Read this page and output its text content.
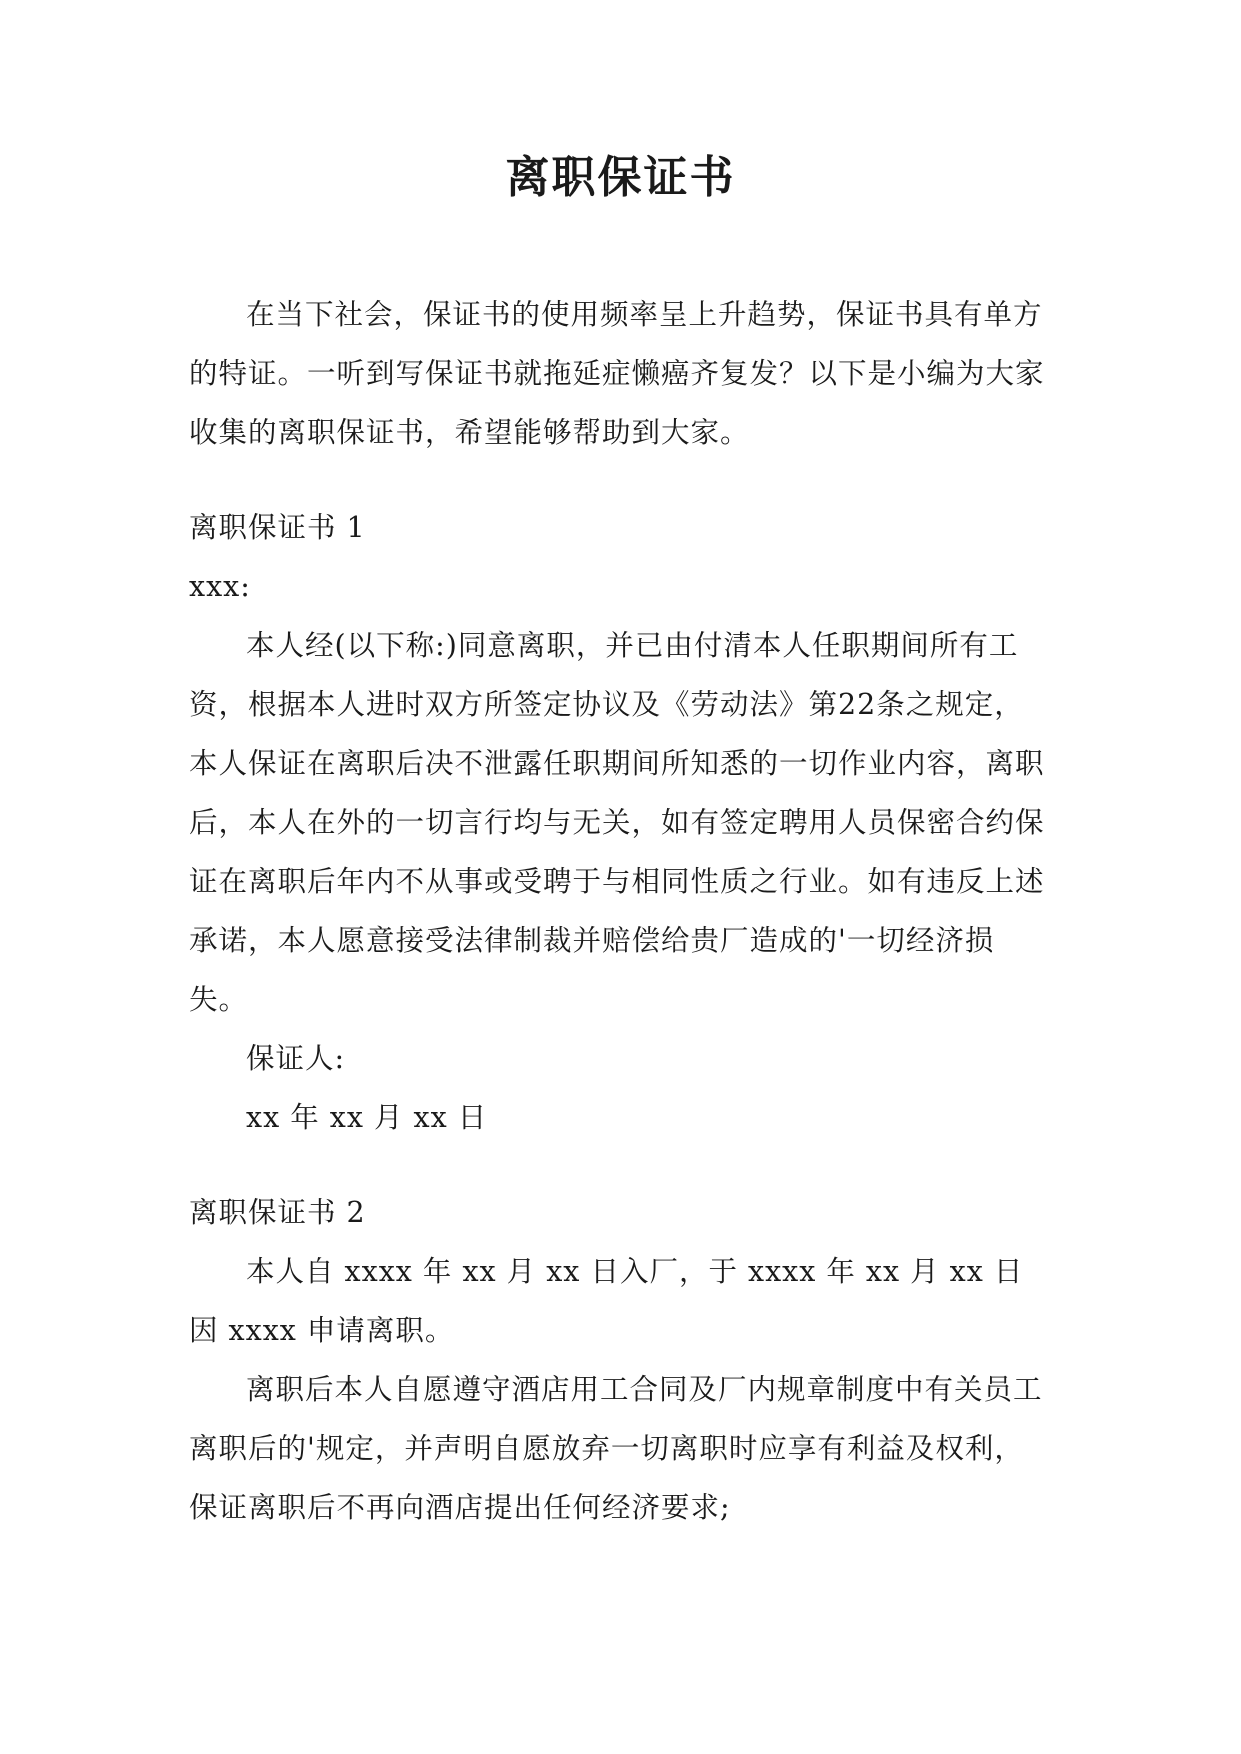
离职保证书

在当下社会，保证书的使用频率呈上升趋势，保证书具有单方的特证。一听到写保证书就拖延症懒癌齐复发？以下是小编为大家收集的离职保证书，希望能够帮助到大家。

离职保证书 1

xxx:

本人经(以下称:)同意离职，并已由付清本人任职期间所有工资，根据本人进时双方所签定协议及《劳动法》第22条之规定，本人保证在离职后决不泄露任职期间所知悉的一切作业内容，离职后，本人在外的一切言行均与无关，如有签定聘用人员保密合约保证在离职后年内不从事或受聘于与相同性质之行业。如有违反上述承诺，本人愿意接受法律制裁并赔偿给贵厂造成的'一切经济损失。

保证人:

xx 年 xx 月 xx 日

离职保证书 2

本人自 xxxx 年 xx 月 xx 日入厂，于 xxxx 年 xx 月 xx 日因 xxxx 申请离职。

离职后本人自愿遵守酒店用工合同及厂内规章制度中有关员工离职后的'规定，并声明自愿放弃一切离职时应享有利益及权利，保证离职后不再向酒店提出任何经济要求;
